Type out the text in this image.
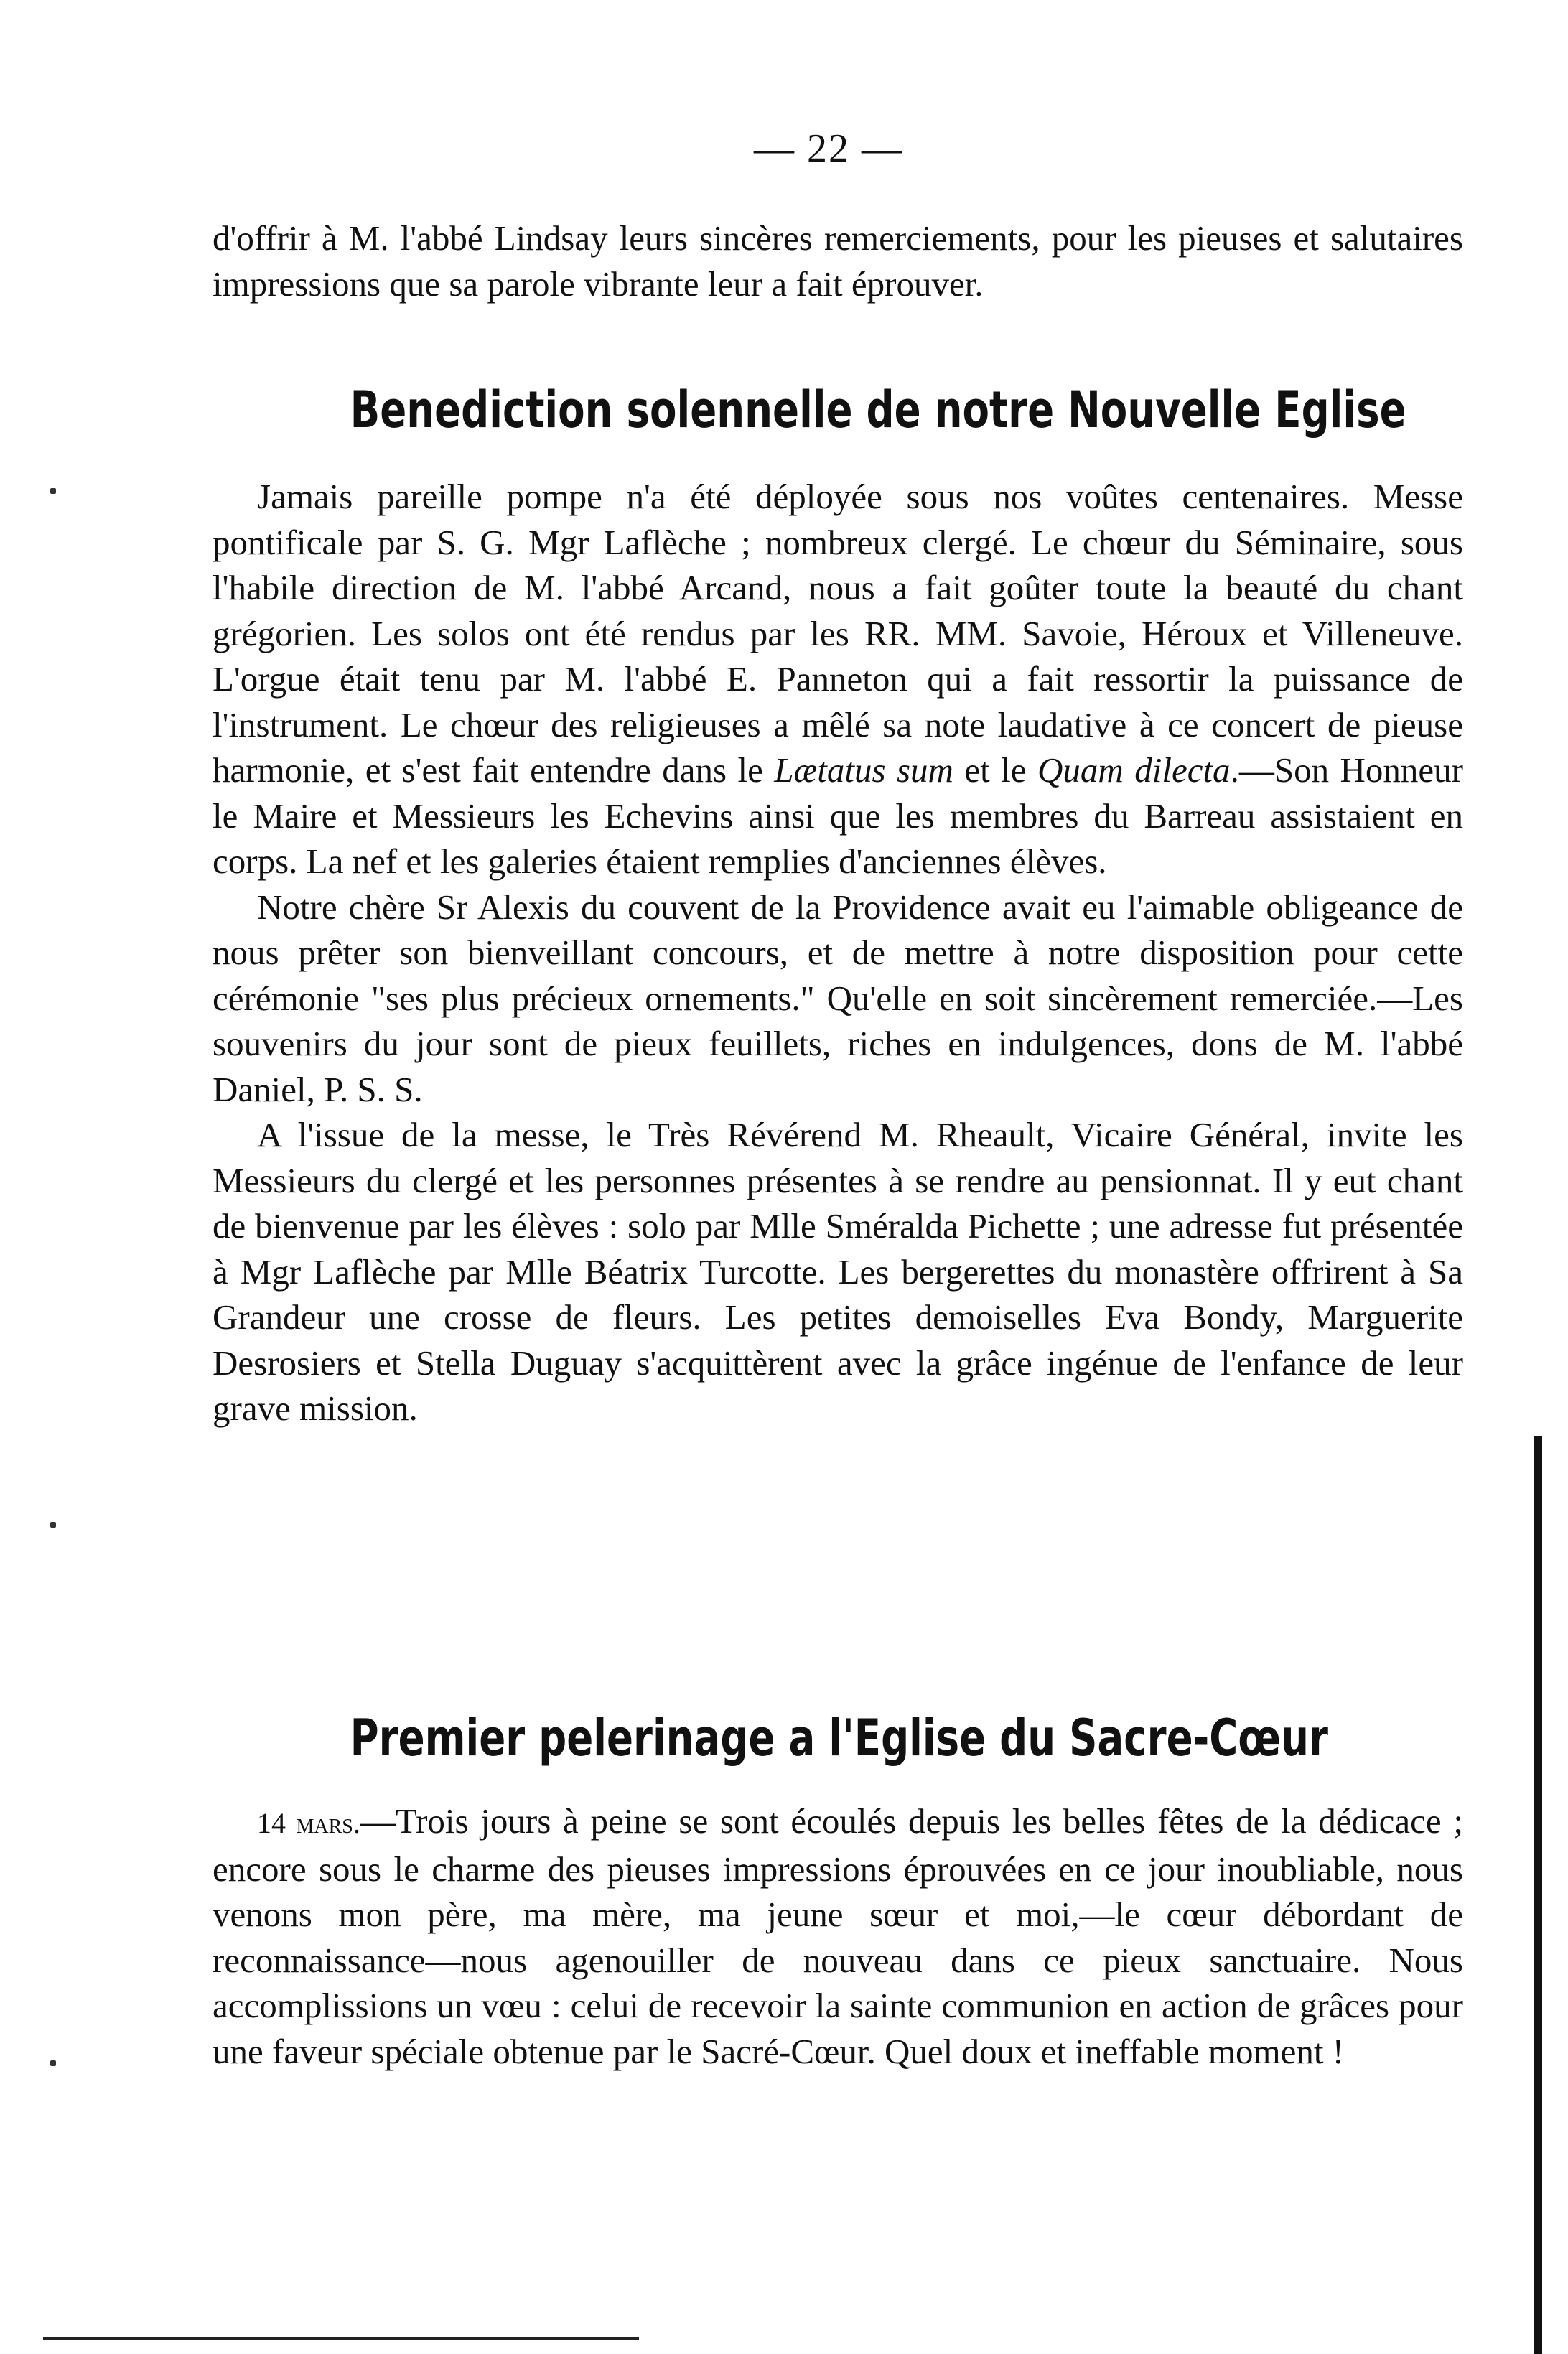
— 22 —

d'offrir à M. l'abbé Lindsay leurs sincères remerciements, pour les pieuses et salutaires impressions que sa parole vibrante leur a fait éprouver.

Benediction solennelle de notre Nouvelle Eglise

Jamais pareille pompe n'a été déployée sous nos voûtes centenaires. Messe pontificale par S. G. Mgr Laflèche ; nombreux clergé. Le chœur du Séminaire, sous l'habile direction de M. l'abbé Arcand, nous a fait goûter toute la beauté du chant grégorien. Les solos ont été rendus par les RR. MM. Savoie, Héroux et Villeneuve. L'orgue était tenu par M. l'abbé E. Panneton qui a fait ressortir la puissance de l'instrument. Le chœur des religieuses a mêlé sa note laudative à ce concert de pieuse harmonie, et s'est fait entendre dans le Lætatus sum et le Quam dilecta.—Son Honneur le Maire et Messieurs les Echevins ainsi que les membres du Barreau assistaient en corps. La nef et les galeries étaient remplies d'anciennes élèves.

Notre chère Sr Alexis du couvent de la Providence avait eu l'aimable obligeance de nous prêter son bienveillant concours, et de mettre à notre disposition pour cette cérémonie "ses plus précieux ornements." Qu'elle en soit sincèrement remerciée.—Les souvenirs du jour sont de pieux feuillets, riches en indulgences, dons de M. l'abbé Daniel, P. S. S.

A l'issue de la messe, le Très Révérend M. Rheault, Vicaire Général, invite les Messieurs du clergé et les personnes présentes à se rendre au pensionnat. Il y eut chant de bienvenue par les élèves : solo par Mlle Sméralda Pichette ; une adresse fut présentée à Mgr Laflèche par Mlle Béatrix Turcotte. Les bergerettes du monastère offrirent à Sa Grandeur une crosse de fleurs. Les petites demoiselles Eva Bondy, Marguerite Desrosiers et Stella Duguay s'acquittèrent avec la grâce ingénue de l'enfance de leur grave mission.

Premier pelerinage a l'Eglise du Sacre-Cœur

14 mars.—Trois jours à peine se sont écoulés depuis les belles fêtes de la dédicace ; encore sous le charme des pieuses impressions éprouvées en ce jour inoubliable, nous venons mon père, ma mère, ma jeune sœur et moi,—le cœur débordant de reconnaissance—nous agenouiller de nouveau dans ce pieux sanctuaire. Nous accomplissions un vœu : celui de recevoir la sainte communion en action de grâces pour une faveur spéciale obtenue par le Sacré-Cœur. Quel doux et ineffable moment !
